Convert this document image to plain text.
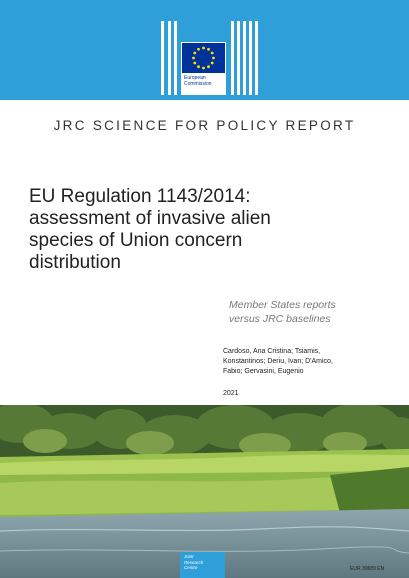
European
Commission
JRC SCIENCE FOR POLICY REPORT
EU Regulation 1143/2014:
assessment of invasive alien
species of Union concern
distribution
Member States reports
versus JRC baselines
Cardoso, Ana Cristina; Tsiamis,
Konstantinos; Deriu, Ivan; D'Amico,
Fabio; Gervasini, Eugenio
2021
Joint
Research
Centre	EUR 30689 EN
